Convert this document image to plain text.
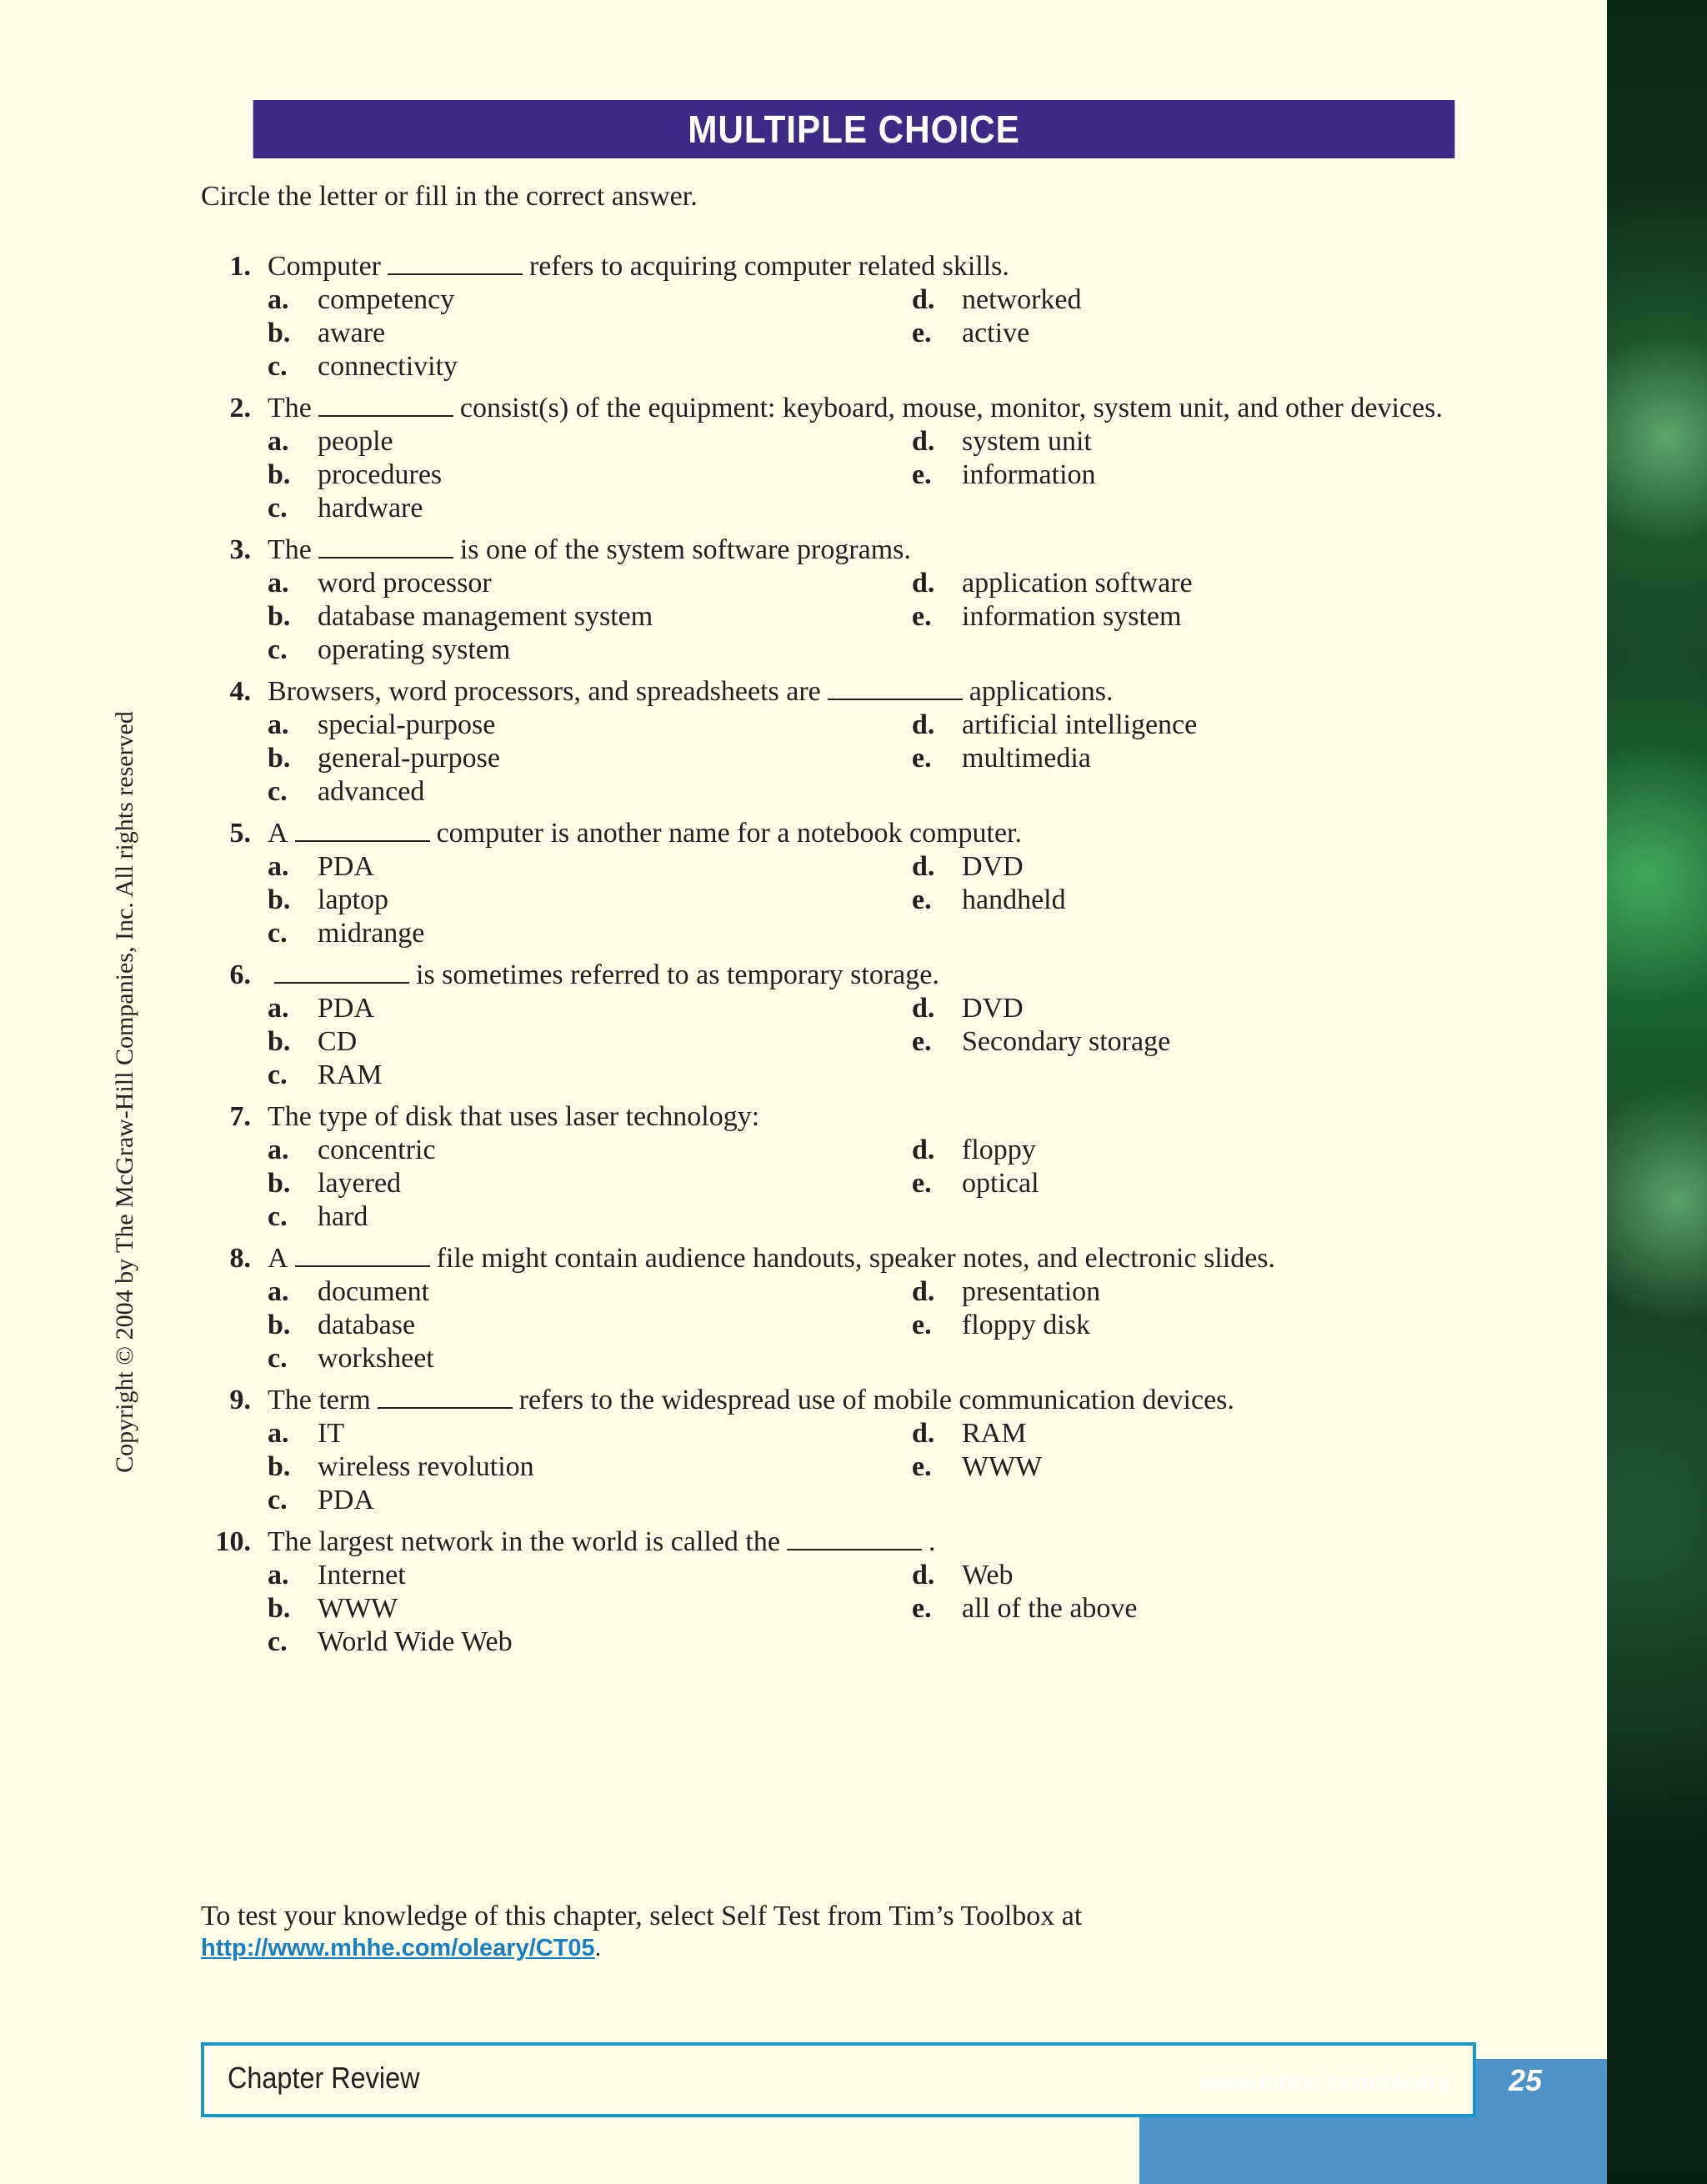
MULTIPLE CHOICE

Circle the letter or fill in the correct answer.

Copyright © 2004 by The McGraw-Hill Companies, Inc. All rights reserved
1. Computer	refers to acquiring computer related skills.
a.	competency	d. networked
b. aware	e.	active
c.	connectivity
2. The	consist(s) of the equipment: keyboard, mouse, monitor, system unit, and other devices.
a.	people	d. system unit
b. procedures	e.	information
c.	hardware
3. The	is one of the system software programs.
a.	word processor	d. application software
b. database management system	e.	information system
c.	operating system
4. Browsers, word processors, and spreadsheets are	applications.
a.	special-purpose	d. artificial intelligence
b. general-purpose	e.	multimedia
c.	advanced
5. A	computer is another name for a notebook computer.
a.	PDA	d. DVD
b. laptop	e.	handheld
c.	midrange
6.	is sometimes referred to as temporary storage.
a.	PDA	d. DVD
b. CD	e.	Secondary storage
c.	RAM
7. The type of disk that uses laser technology:
a.	concentric	d. floppy
b. layered	e.	optical
c.	hard
8. A	file might contain audience handouts, speaker notes, and electronic slides.
a.	document	d. presentation
b. database	e.	floppy disk
c.	worksheet
9. The term	refers to the widespread use of mobile communication devices.
a.	IT	d. RAM
b. wireless revolution	e.	WWW
c.	PDA
10. The largest network in the world is called the	.
a.	Internet	d. Web
b. WWW	e.	all of the above
c.	World Wide Web
To test your knowledge of this chapter, select Self Test from Tim’s Toolbox at
http://www.mhhe.com/oleary/CT05.
Chapter Review	www.mhhe.com/oleary 25
